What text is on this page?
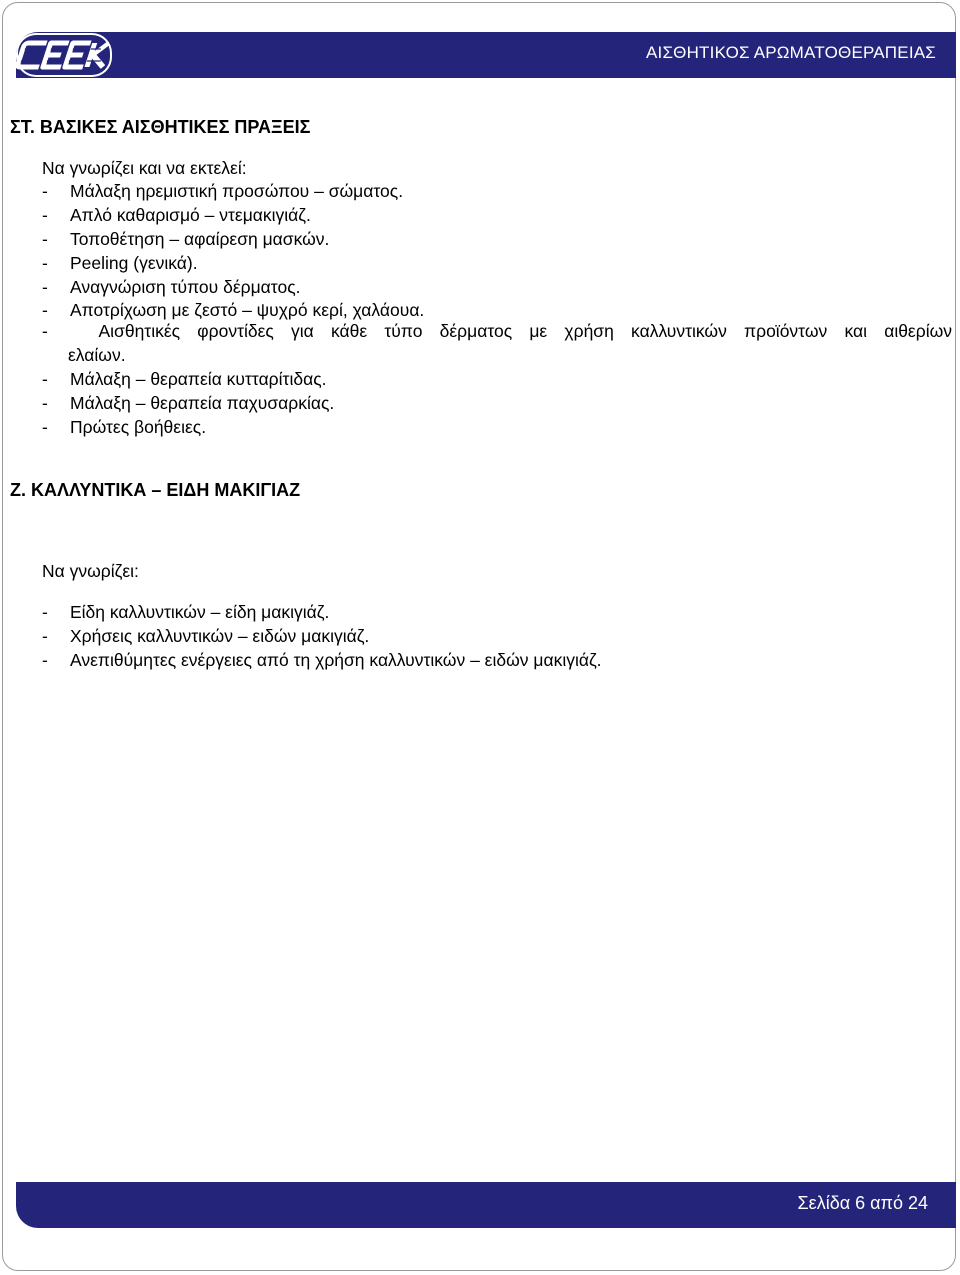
ΑΙΣΘΗΤΙΚΟΣ ΑΡΩΜΑΤΟΘΕΡΑΠΕΙΑΣ
ΣΤ. ΒΑΣΙΚΕΣ ΑΙΣΘΗΤΙΚΕΣ ΠΡΑΞΕΙΣ
Να γνωρίζει και να εκτελεί:
- Μάλαξη ηρεμιστική προσώπου – σώματος.
- Απλό καθαρισμό – ντεμακιγιάζ.
- Τοποθέτηση – αφαίρεση μασκών.
- Peeling (γενικά).
- Αναγνώριση τύπου δέρματος.
- Αποτρίχωση με ζεστό – ψυχρό κερί, χαλάουα.
-	Αισθητικές φροντίδες για κάθε τύπο δέρματος με χρήση καλλυντικών προϊόντων και αιθερίων
ελαίων.
- Μάλαξη – θεραπεία κυτταρίτιδας.
- Μάλαξη – θεραπεία παχυσαρκίας.
- Πρώτες βοήθειες.
Ζ. ΚΑΛΛΥΝΤΙΚΑ – ΕΙΔΗ ΜΑΚΙΓΙΑΖ
Να γνωρίζει:
- Είδη καλλυντικών – είδη μακιγιάζ.
- Χρήσεις καλλυντικών – ειδών μακιγιάζ.
- Ανεπιθύμητες ενέργειες από τη χρήση καλλυντικών – ειδών μακιγιάζ.
Σελίδα 6 από 24
